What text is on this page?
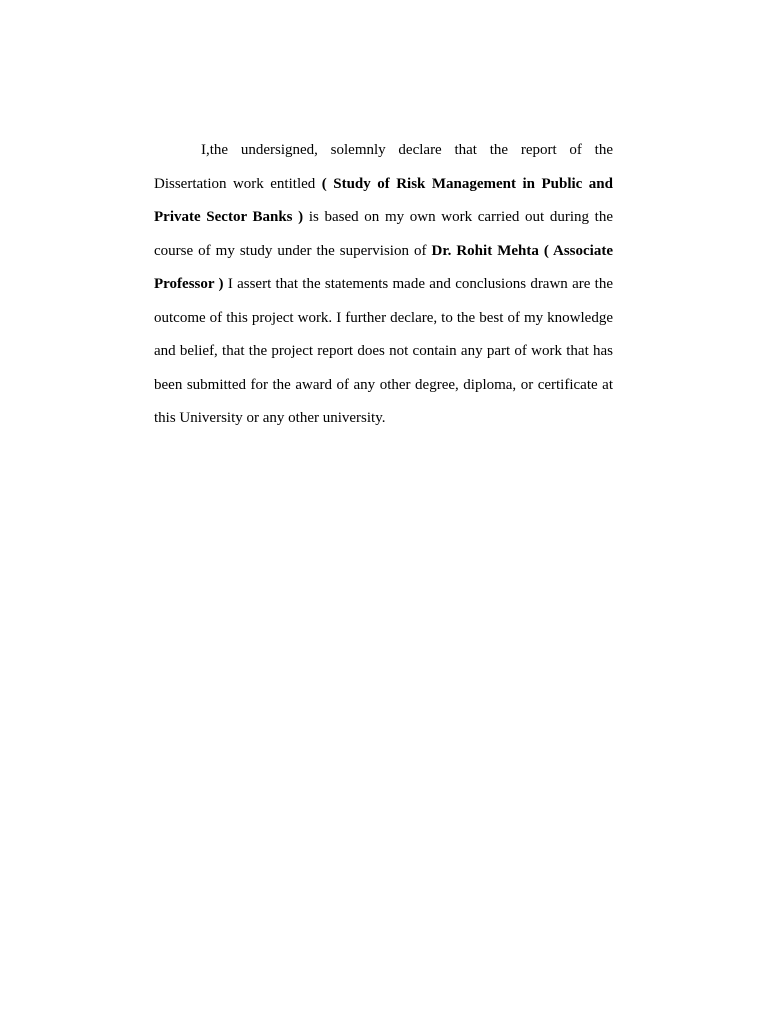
I,the undersigned, solemnly declare that the report of the Dissertation work entitled ( Study of Risk Management in Public and Private Sector Banks ) is based on my own work carried out during the course of my study under the supervision of Dr. Rohit Mehta ( Associate Professor ) I assert that the statements made and conclusions drawn are the outcome of this project work. I further declare, to the best of my knowledge and belief, that the project report does not contain any part of work that has been submitted for the award of any other degree, diploma, or certificate at this University or any other university.
